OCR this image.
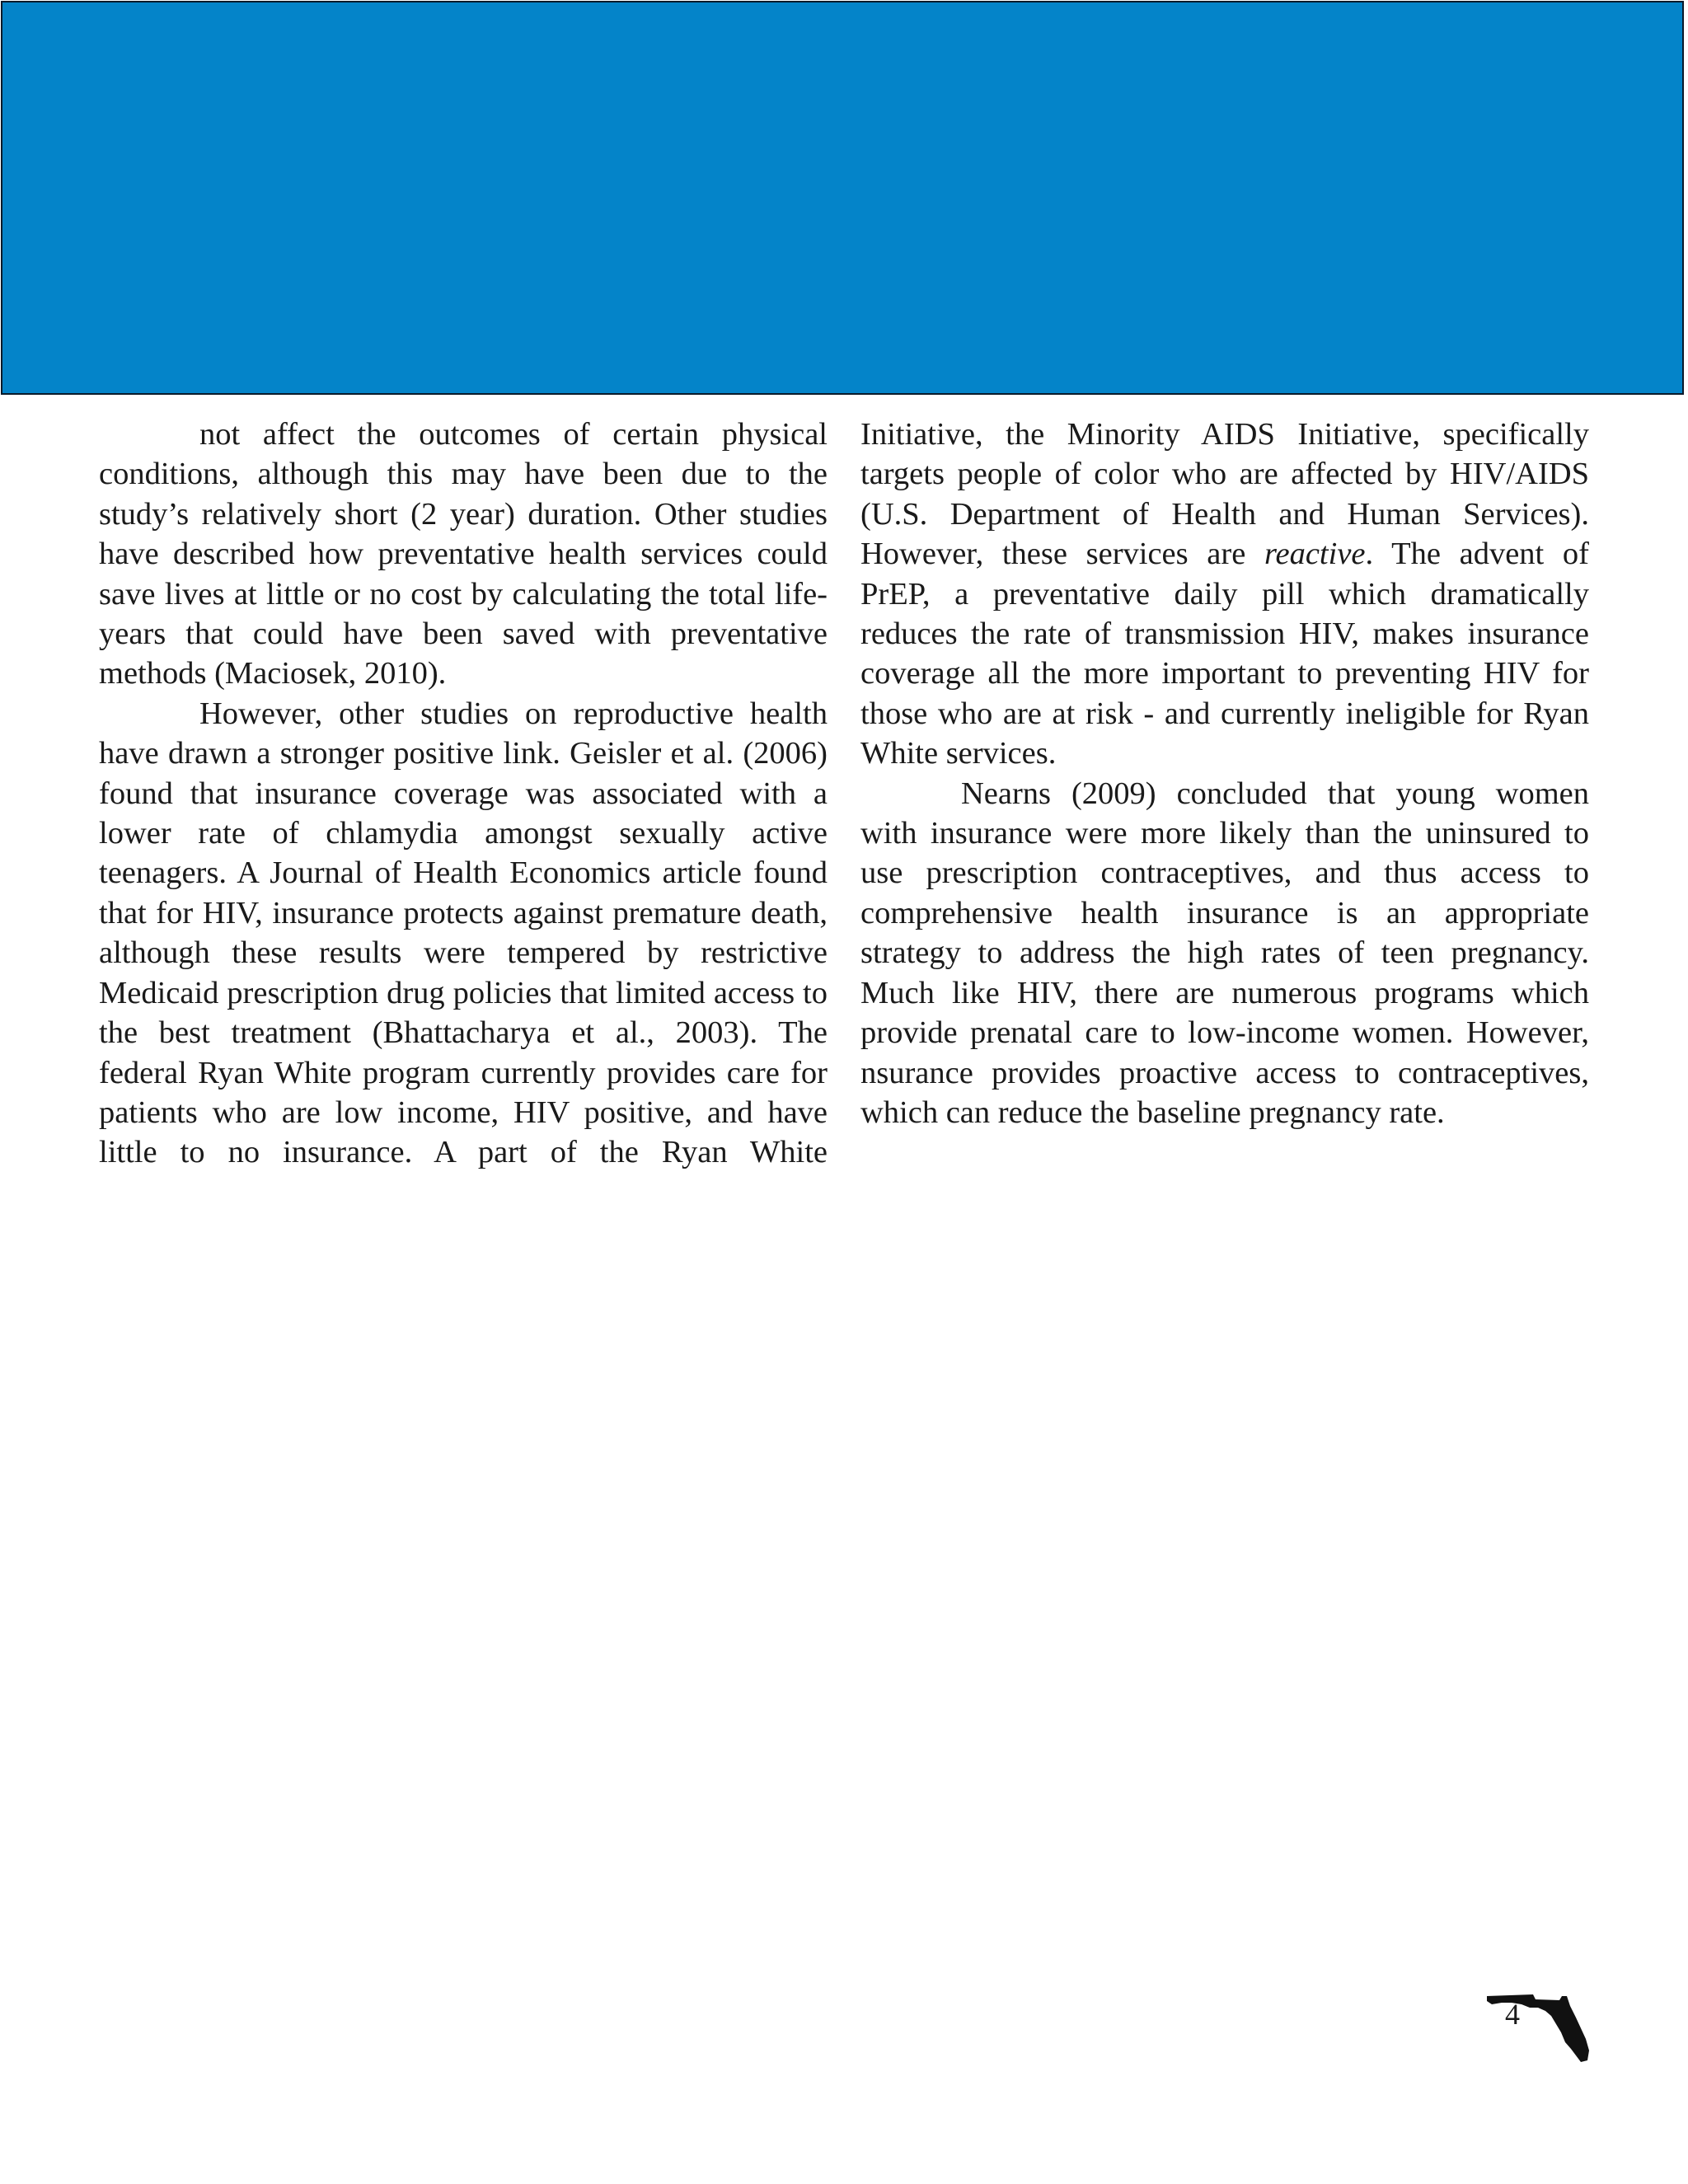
not affect the outcomes of certain physical conditions, although this may have been due to the study’s relatively short (2 year) duration. Other studies have described how preventative health services could save lives at little or no cost by calculating the total life-years that could have been saved with preventative methods (Maciosek, 2010).

However, other studies on reproductive health have drawn a stronger positive link. Geisler et al. (2006) found that insurance coverage was associated with a lower rate of chlamydia amongst sexually active teenagers. A Journal of Health Economics article found that for HIV, insurance protects against premature death, although these results were tempered by restrictive Medicaid prescription drug policies that limited access to the best treatment (Bhattacharya et al., 2003). The federal Ryan White program currently provides care for patients who are low income, HIV positive, and have little to no insurance. A part of the Ryan White

Initiative, the Minority AIDS Initiative, specifically targets people of color who are affected by HIV/AIDS (U.S. Department of Health and Human Services). However, these services are reactive. The advent of PrEP, a preventative daily pill which dramatically reduces the rate of transmission HIV, makes insurance coverage all the more important to preventing HIV for those who are at risk - and currently ineligible for Ryan White services.

Nearns (2009) concluded that young women with insurance were more likely than the uninsured to use prescription contraceptives, and thus access to comprehensive health insurance is an appropriate strategy to address the high rates of teen pregnancy. Much like HIV, there are numerous programs which provide prenatal care to low-income women. However, nsurance provides proactive access to contraceptives, which can reduce the baseline pregnancy rate.

4
